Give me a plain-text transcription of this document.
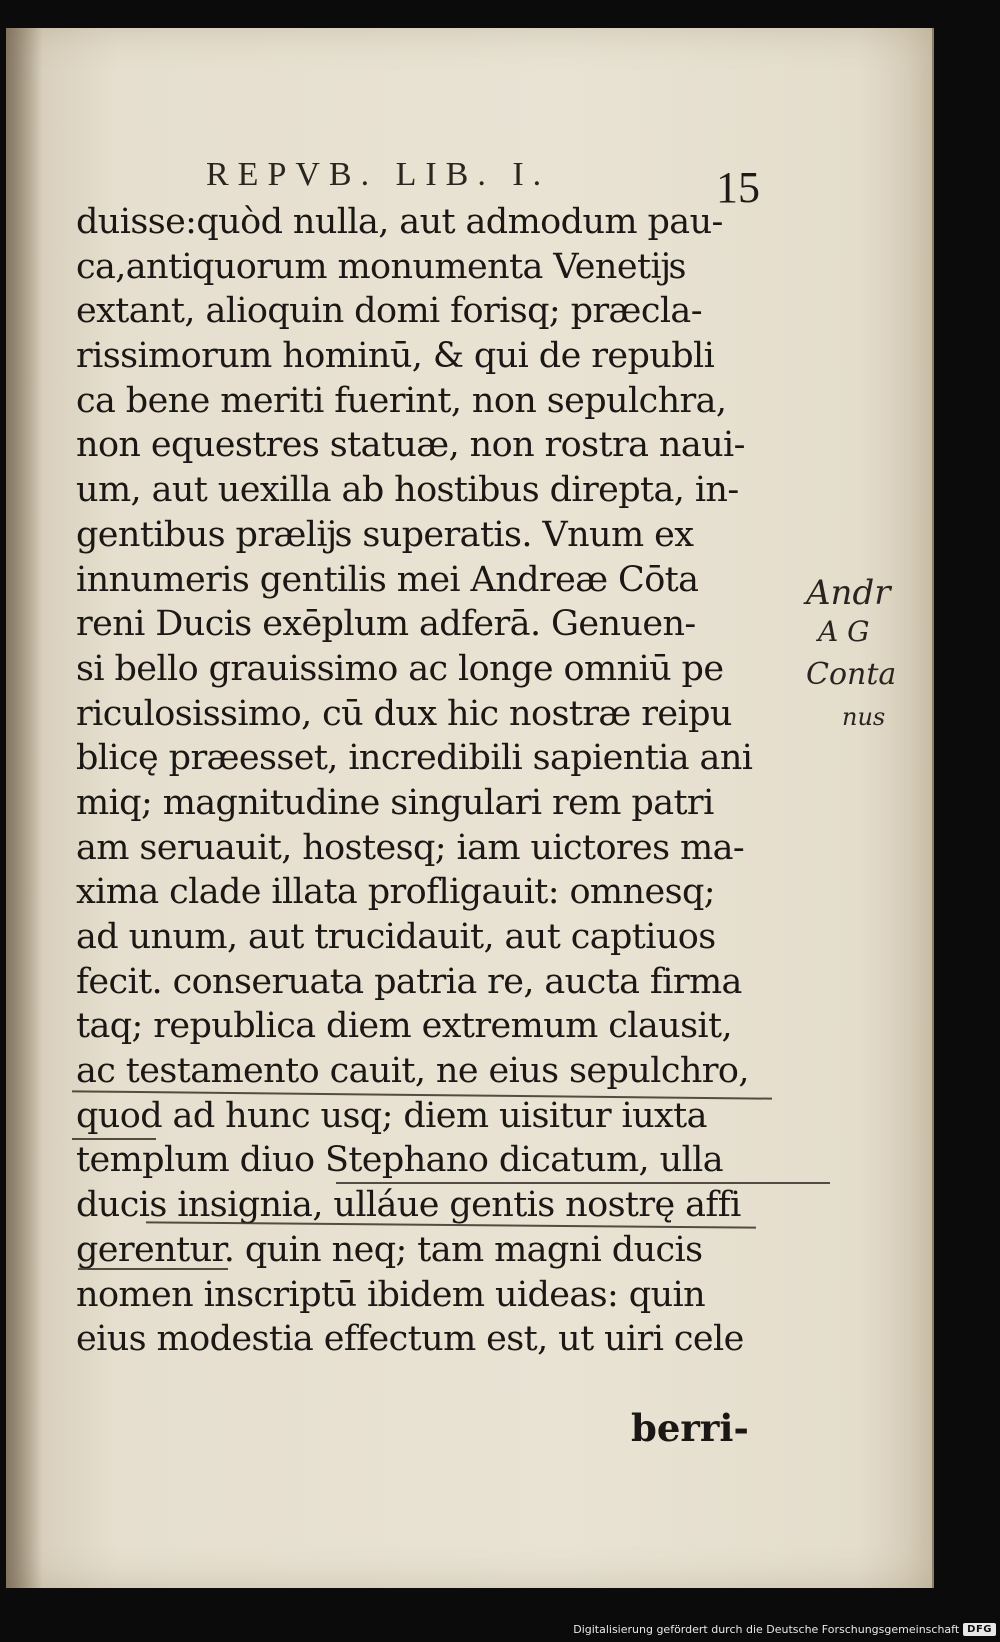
REPVB. LIB. I.	15
duisse:quòd nulla, aut admodum pau-
ca,antiquorum monumenta Venetĳs
extant, alioquin domi forisq; præcla-
rissimorum hominū, & qui de republi
ca bene meriti fuerint, non sepulchra,
non equestres statuæ, non rostra naui-
um, aut uexilla ab hostibus direpta, in-
gentibus prælĳs superatis. Vnum ex
innumeris gentilis mei Andreæ Cōta
reni Ducis exēplum adferā. Genuen-
si bello grauissimo ac longe omniū pe
riculosissimo, cū dux hic nostræ reipu
blicę præesset, incredibili sapientia ani
miq; magnitudine singulari rem patri
am seruauit, hostesq; iam uictores ma-
xima clade illata profligauit: omnesq;
ad unum, aut trucidauit, aut captiuos
fecit. conseruata patria re, aucta firma
taq; republica diem extremum clausit,
ac testamento cauit, ne eius sepulchro,
quod ad hunc usq; diem uisitur iuxta
templum diuo Stephano dicatum, ulla
ducis insignia, ulláue gentis nostrę affi
gerentur. quin neq; tam magni ducis
nomen inscriptū ibidem uideas: quin
eius modestia effectum est, ut uiri cele
berri-
Andr
A G
Conta
nus
Digitalisierung gefördert durch die Deutsche Forschungsgemeinschaft DFG
